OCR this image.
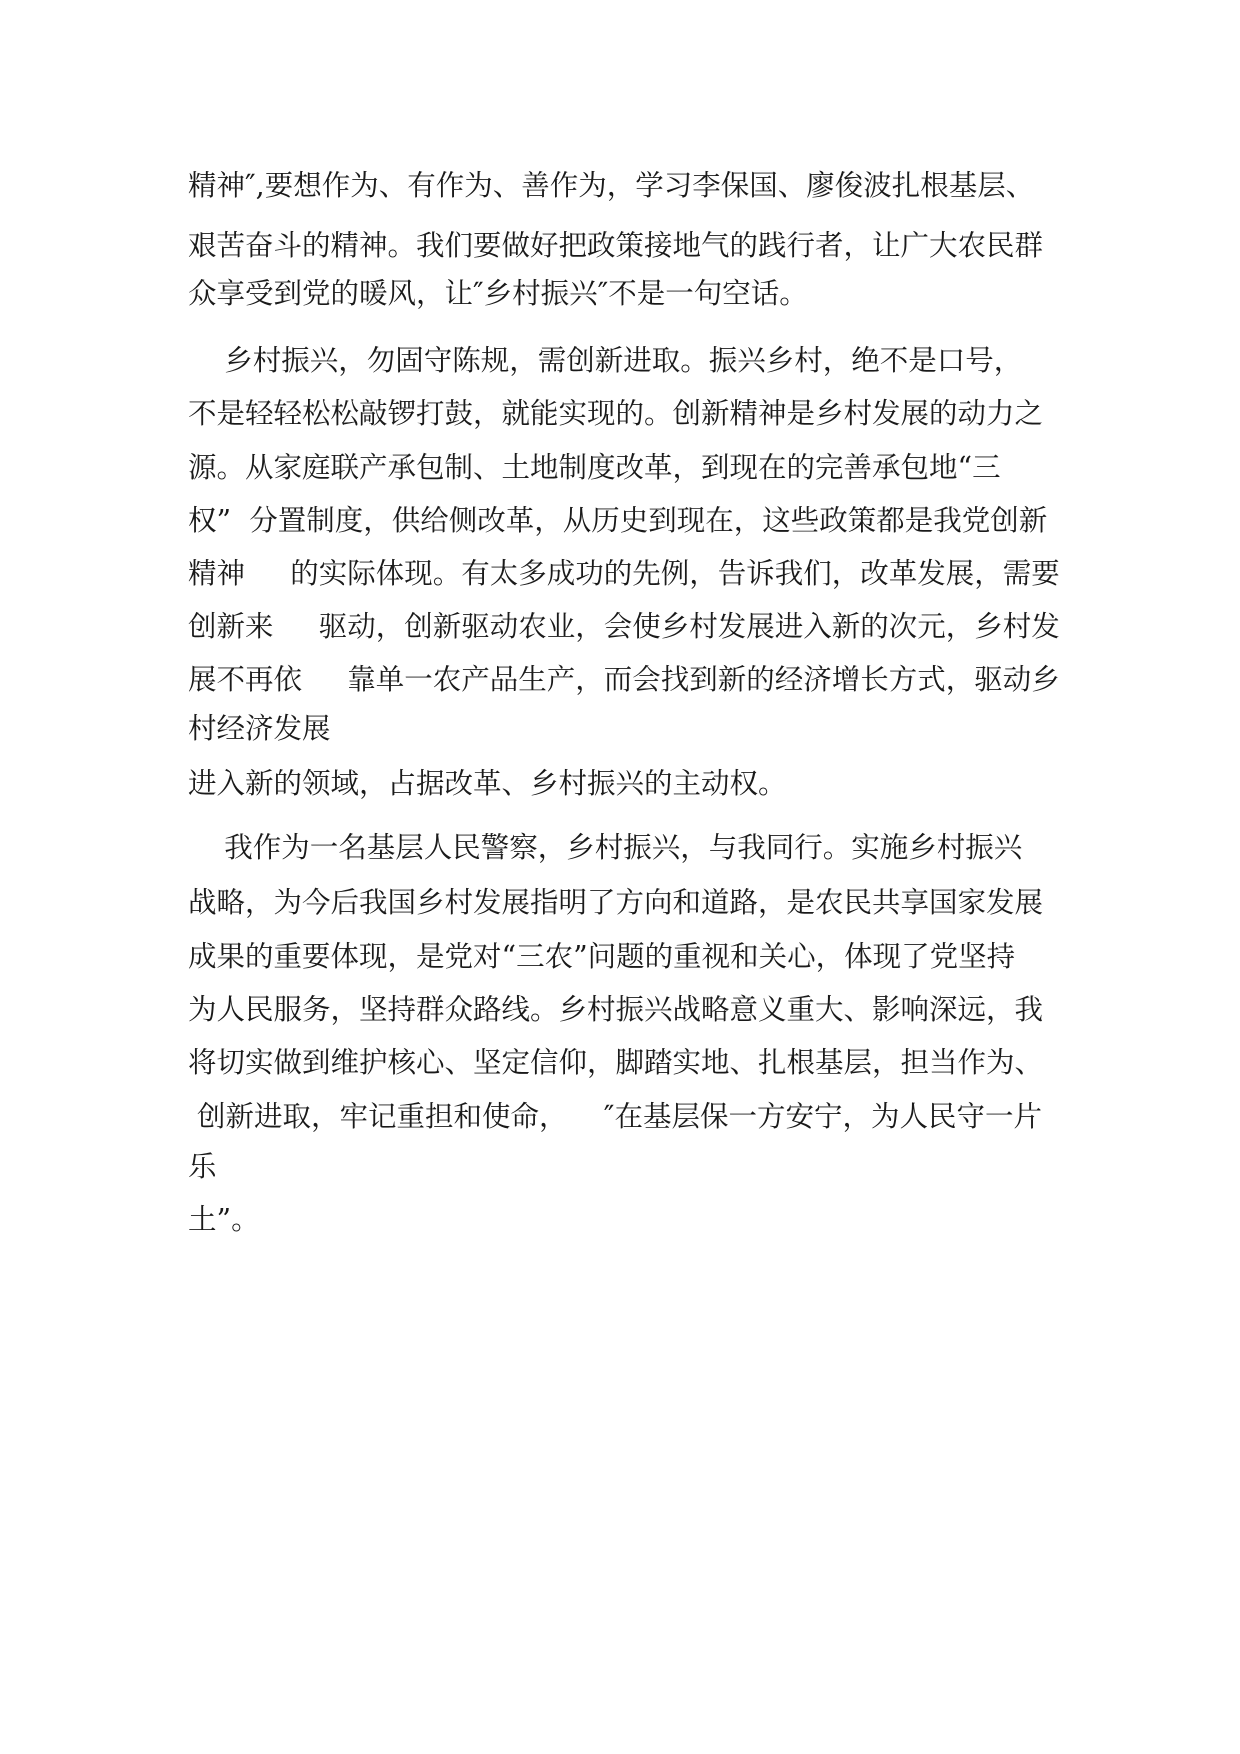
精神″,要想作为、有作为、善作为，学习李保国、廖俊波扎根基层、

艰苦奋斗的精神。我们要做好把政策接地气的践行者，让广大农民群

众享受到党的暖风，让″乡村振兴″不是一句空话。

乡村振兴，勿固守陈规，需创新进取。振兴乡村，绝不是口号，

不是轻轻松松敲锣打鼓，就能实现的。创新精神是乡村发展的动力之

源。从家庭联产承包制、土地制度改革，到现在的完善承包地“三

权”  分置制度，供给侧改革，从历史到现在，这些政策都是我党创新

精神     的实际体现。有太多成功的先例，告诉我们，改革发展，需要

创新来     驱动，创新驱动农业，会使乡村发展进入新的次元，乡村发

展不再依     靠单一农产品生产，而会找到新的经济增长方式，驱动乡

村经济发展

进入新的领域，占据改革、乡村振兴的主动权。

我作为一名基层人民警察，乡村振兴，与我同行。实施乡村振兴

战略，为今后我国乡村发展指明了方向和道路，是农民共享国家发展

成果的重要体现，是党对“三农”问题的重视和关心，体现了党坚持

为人民服务，坚持群众路线。乡村振兴战略意义重大、影响深远，我

将切实做到维护核心、坚定信仰，脚踏实地、扎根基层，担当作为、

创新进取，牢记重担和使命，    ″在基层保一方安宁，为人民守一片

乐

土”。
